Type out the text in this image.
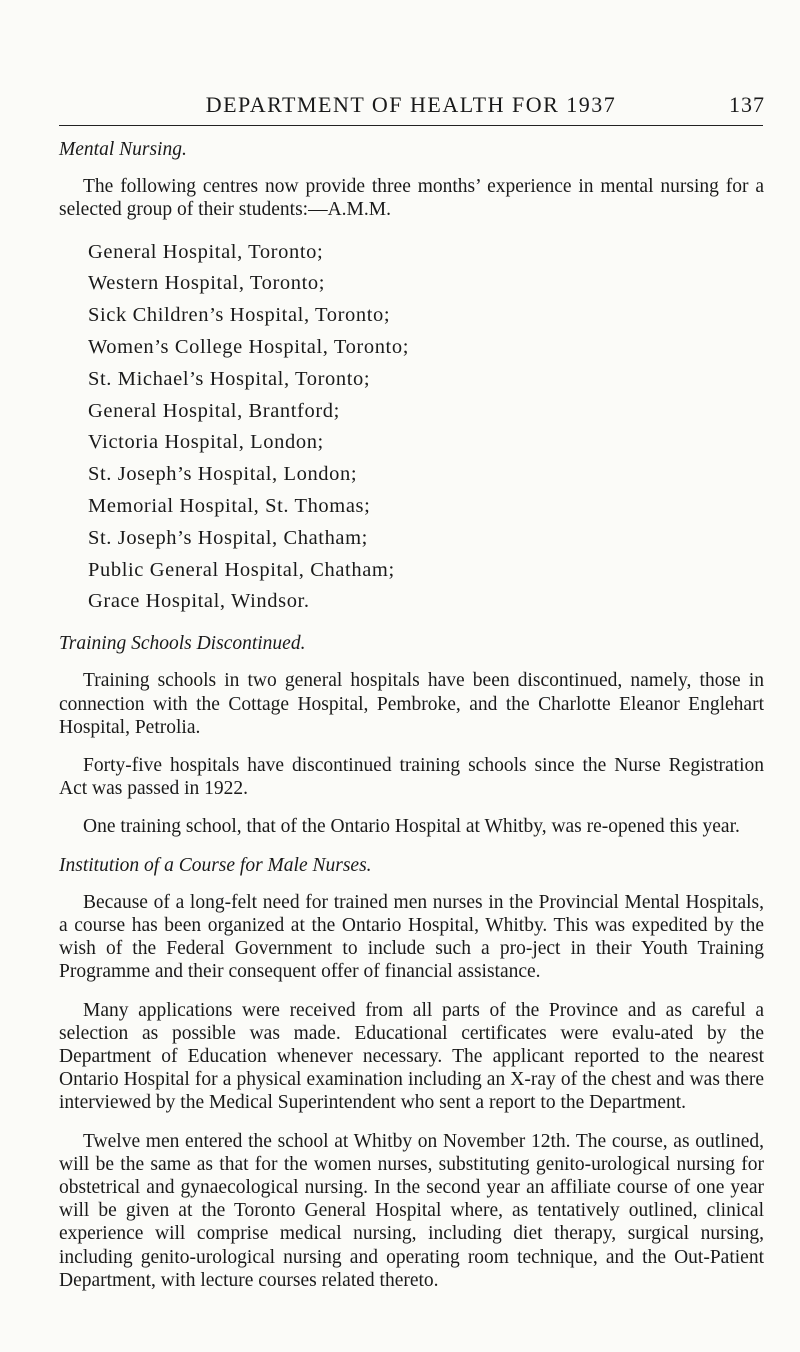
DEPARTMENT OF HEALTH FOR 1937	137
Mental Nursing.

The following centres now provide three months’ experience in mental nursing for a selected group of their students:—A.M.M.

General Hospital, Toronto;
Western Hospital, Toronto;
Sick Children’s Hospital, Toronto;
Women’s College Hospital, Toronto;
St. Michael’s Hospital, Toronto;
General Hospital, Brantford;
Victoria Hospital, London;
St. Joseph’s Hospital, London;
Memorial Hospital, St. Thomas;
St. Joseph’s Hospital, Chatham;
Public General Hospital, Chatham;
Grace Hospital, Windsor.
Training Schools Discontinued.

Training schools in two general hospitals have been discontinued, namely, those in connection with the Cottage Hospital, Pembroke, and the Charlotte Eleanor Englehart Hospital, Petrolia.

Forty-five hospitals have discontinued training schools since the Nurse Registration Act was passed in 1922.

One training school, that of the Ontario Hospital at Whitby, was re-opened this year.

Institution of a Course for Male Nurses.

Because of a long-felt need for trained men nurses in the Provincial Mental Hospitals, a course has been organized at the Ontario Hospital, Whitby. This was expedited by the wish of the Federal Government to include such a pro-ject in their Youth Training Programme and their consequent offer of financial assistance.

Many applications were received from all parts of the Province and as careful a selection as possible was made. Educational certificates were evalu-ated by the Department of Education whenever necessary. The applicant reported to the nearest Ontario Hospital for a physical examination including an X-ray of the chest and was there interviewed by the Medical Superintendent who sent a report to the Department.

Twelve men entered the school at Whitby on November 12th. The course, as outlined, will be the same as that for the women nurses, substituting genito-urological nursing for obstetrical and gynaecological nursing. In the second year an affiliate course of one year will be given at the Toronto General Hospital where, as tentatively outlined, clinical experience will comprise medical nursing, including diet therapy, surgical nursing, including genito-urological nursing and operating room technique, and the Out-Patient Department, with lecture courses related thereto.
